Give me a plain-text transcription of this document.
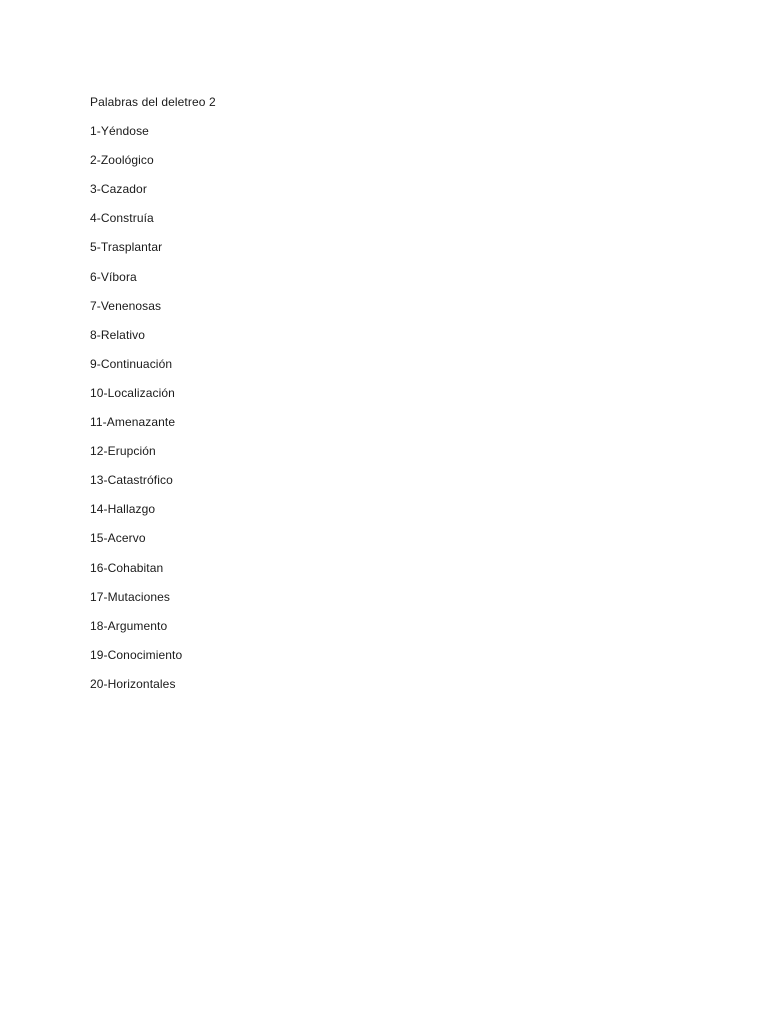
Palabras del deletreo 2
1-Yéndose
2-Zoológico
3-Cazador
4-Construía
5-Trasplantar
6-Víbora
7-Venenosas
8-Relativo
9-Continuación
10-Localización
11-Amenazante
12-Erupción
13-Catastrófico
14-Hallazgo
15-Acervo
16-Cohabitan
17-Mutaciones
18-Argumento
19-Conocimiento
20-Horizontales
